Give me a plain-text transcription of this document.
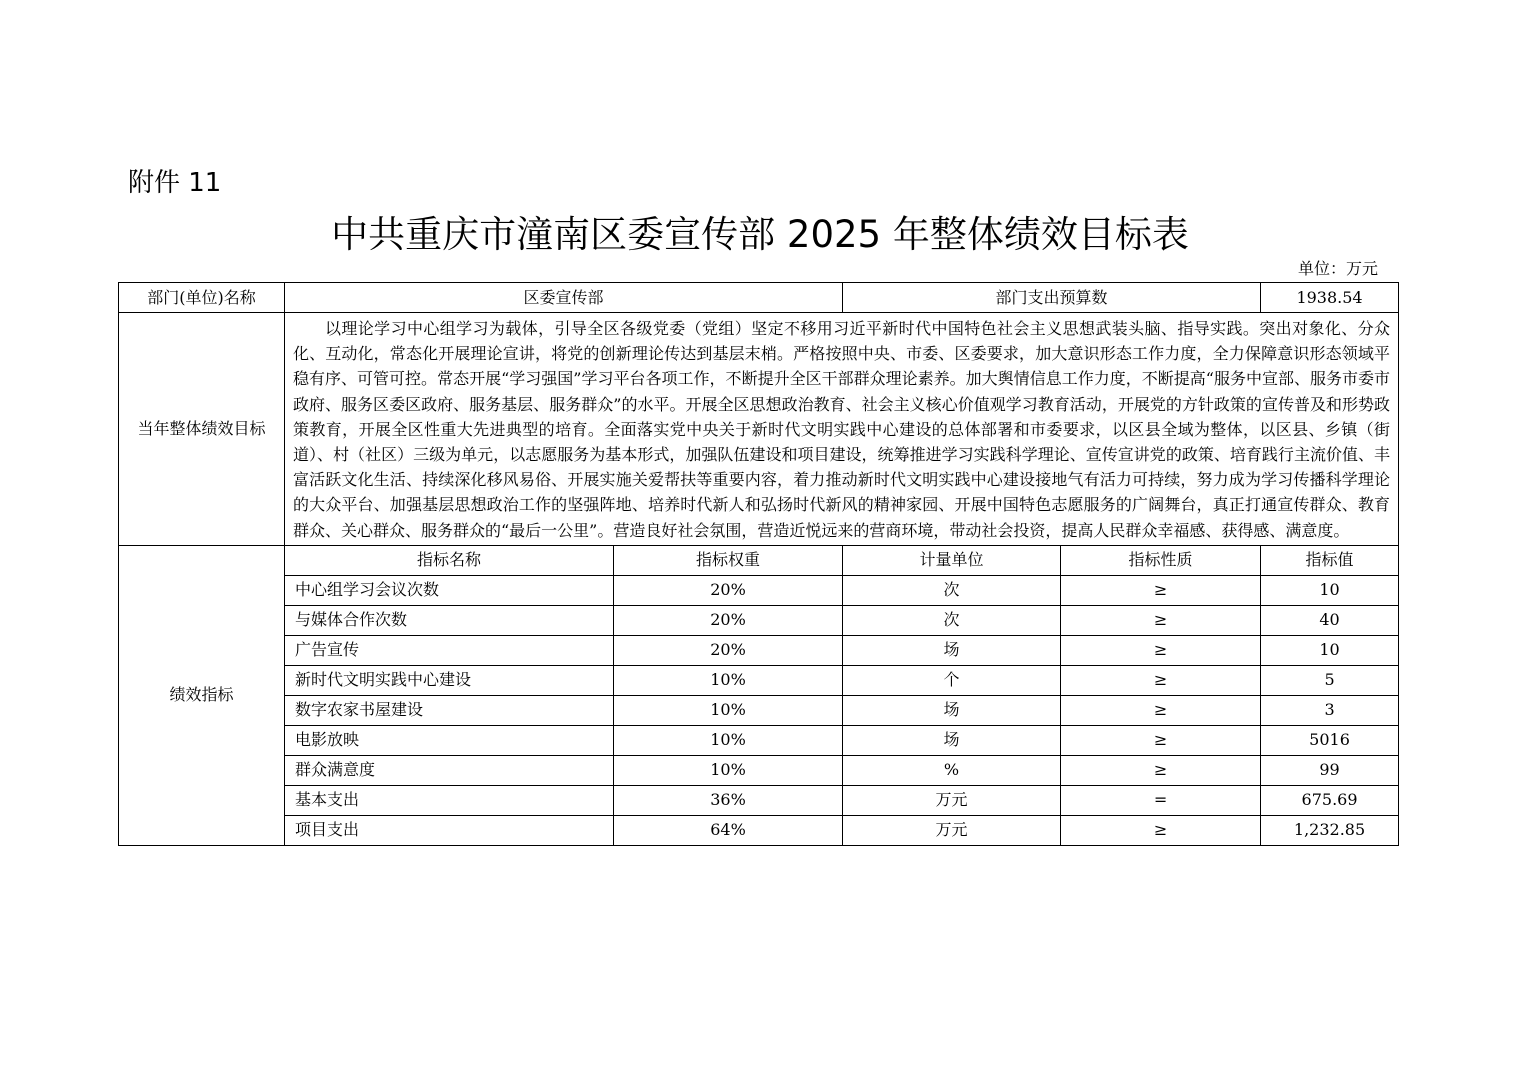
附件 11
中共重庆市潼南区委宣传部 2025 年整体绩效目标表
单位：万元
部门(单位)名称	区委宣传部		部门支出预算数		1938.54
当年整体绩效目标	以理论学习中心组学习为载体，引导全区各级党委（党组）坚定不移用习近平新时代中国特色社会主义思想武装头脑、指导实践。突出对象化、分众化、互动化，常态化开展理论宣讲，将党的创新理论传达到基层末梢。严格按照中央、市委、区委要求，加大意识形态工作力度，全力保障意识形态领域平稳有序、可管可控。常态开展“学习强国”学习平台各项工作，不断提升全区干部群众理论素养。加大舆情信息工作力度，不断提高“服务中宣部、服务市委市政府、服务区委区政府、服务基层、服务群众”的水平。开展全区思想政治教育、社会主义核心价值观学习教育活动，开展党的方针政策的宣传普及和形势政策教育，开展全区性重大先进典型的培育。全面落实党中央关于新时代文明实践中心建设的总体部署和市委要求，以区县全域为整体，以区县、乡镇（街道）、村（社区）三级为单元，以志愿服务为基本形式，加强队伍建设和项目建设，统筹推进学习实践科学理论、宣传宣讲党的政策、培育践行主流价值、丰富活跃文化生活、持续深化移风易俗、开展实施关爱帮扶等重要内容，着力推动新时代文明实践中心建设接地气有活力可持续，努力成为学习传播科学理论的大众平台、加强基层思想政治工作的坚强阵地、培养时代新人和弘扬时代新风的精神家园、开展中国特色志愿服务的广阔舞台，真正打通宣传群众、教育群众、关心群众、服务群众的“最后一公里”。营造良好社会氛围，营造近悦远来的营商环境，带动社会投资，提高人民群众幸福感、获得感、满意度。				
绩效指标	指标名称	指标权重	计量单位	指标性质	指标值
	中心组学习会议次数	20%	次	≥	10
	与媒体合作次数	20%	次	≥	40
	广告宣传	20%	场	≥	10
	新时代文明实践中心建设	10%	个	≥	5
	数字农家书屋建设	10%	场	≥	3
	电影放映	10%	场	≥	5016
	群众满意度	10%	%	≥	99
	基本支出	36%	万元	=	675.69
	项目支出	64%	万元	≥	1,232.85
